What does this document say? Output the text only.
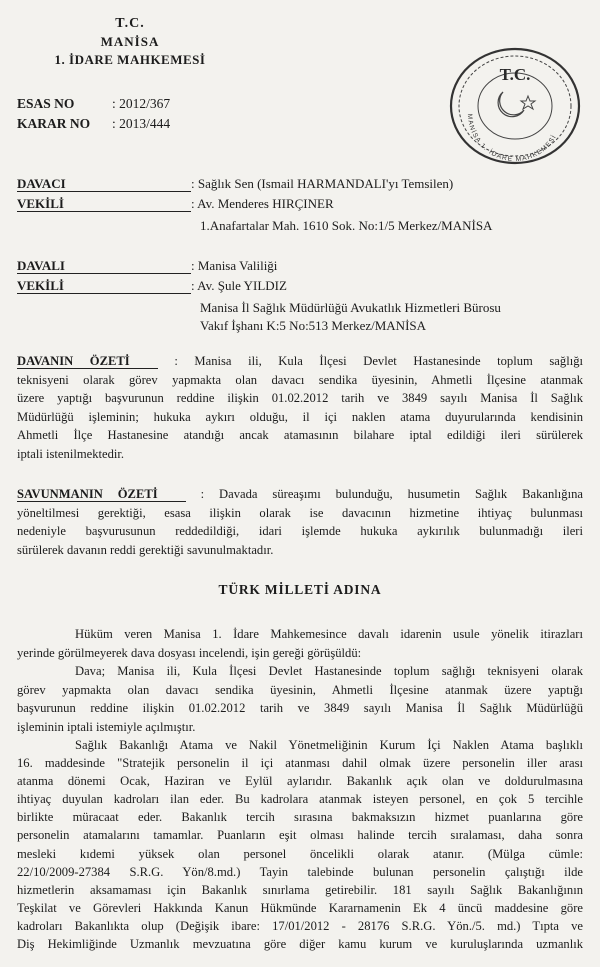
T.C.
MANİSA
1. İDARE MAHKEMESİ
ESAS NO	: 2012/367
KARAR NO : 2013/444
T.C.
MANİSA 1. İDARE MAHKEMESİ
DAVACI	: Sağlık Sen (Ismail HARMANDALI'yı Temsilen)
VEKİLİ	: Av. Menderes HIRÇINER
1.Anafartalar Mah. 1610 Sok. No:1/5 Merkez/MANİSA
DAVALI	: Manisa Valiliği
VEKİLİ	: Av. Şule YILDIZ
Manisa İl Sağlık Müdürlüğü Avukatlık Hizmetleri Bürosu
Vakıf İşhanı K:5 No:513 Merkez/MANİSA
DAVANIN ÖZETİ	: Manisa ili, Kula İlçesi Devlet Hastanesinde toplum sağlığı
teknisyeni olarak görev yapmakta olan davacı sendika üyesinin, Ahmetli İlçesine atanmak
üzere yaptığı başvurunun reddine ilişkin 01.02.2012 tarih ve 3849 sayılı Manisa İl Sağlık
Müdürlüğü işleminin; hukuka aykırı olduğu, il içi naklen atama duyurularında kendisinin
Ahmetli İlçe Hastanesine atandığı ancak atamasının bilahare iptal edildiği ileri sürülerek
iptali istenilmektedir.
SAVUNMANIN ÖZETİ	: Davada süreaşımı bulunduğu, husumetin Sağlık Bakanlığına
yöneltilmesi gerektiği, esasa ilişkin olarak ise davacının hizmetine ihtiyaç bulunması
nedeniyle başvurusunun reddedildiği, idari işlemde hukuka aykırılık bulunmadığı ileri
sürülerek davanın reddi gerektiği savunulmaktadır.
TÜRK MİLLETİ ADINA
Hüküm veren Manisa 1. İdare Mahkemesince davalı idarenin usule yönelik itirazları
yerinde görülmeyerek dava dosyası incelendi, işin gereği görüşüldü:
Dava; Manisa ili, Kula İlçesi Devlet Hastanesinde toplum sağlığı teknisyeni olarak
görev yapmakta olan davacı sendika üyesinin, Ahmetli İlçesine atanmak üzere yaptığı
başvurunun reddine ilişkin 01.02.2012 tarih ve 3849 sayılı Manisa İl Sağlık Müdürlüğü
işleminin iptali istemiyle açılmıştır.
Sağlık Bakanlığı Atama ve Nakil Yönetmeliğinin Kurum İçi Naklen Atama başlıklı
16. maddesinde "Stratejik personelin il içi atanması dahil olmak üzere personelin iller arası
atanma dönemi Ocak, Haziran ve Eylül aylarıdır. Bakanlık açık olan ve doldurulmasına
ihtiyaç duyulan kadroları ilan eder. Bu kadrolara atanmak isteyen personel, en çok 5 tercihle
birlikte müracaat eder. Bakanlık tercih sırasına bakmaksızın hizmet puanlarına göre
personelin atamalarını tamamlar. Puanların eşit olması halinde tercih sıralaması, daha sonra
mesleki kıdemi yüksek olan personel öncelikli olarak atanır. (Mülga cümle:
22/10/2009-27384 S.R.G. Yön/8.md.) Tayin talebinde bulunan personelin çalıştığı ilde
hizmetlerin aksamaması için Bakanlık sınırlama getirebilir. 181 sayılı Sağlık Bakanlığının
Teşkilat ve Görevleri Hakkında Kanun Hükmünde Kararnamenin Ek 4 üncü maddesine göre
kadroları Bakanlıkta olup (Değişik ibare: 17/01/2012 - 28176 S.R.G. Yön./5. md.) Tıpta ve
Diş Hekimliğinde Uzmanlık mevzuatına göre diğer kamu kurum ve kuruluşlarında uzmanlık
